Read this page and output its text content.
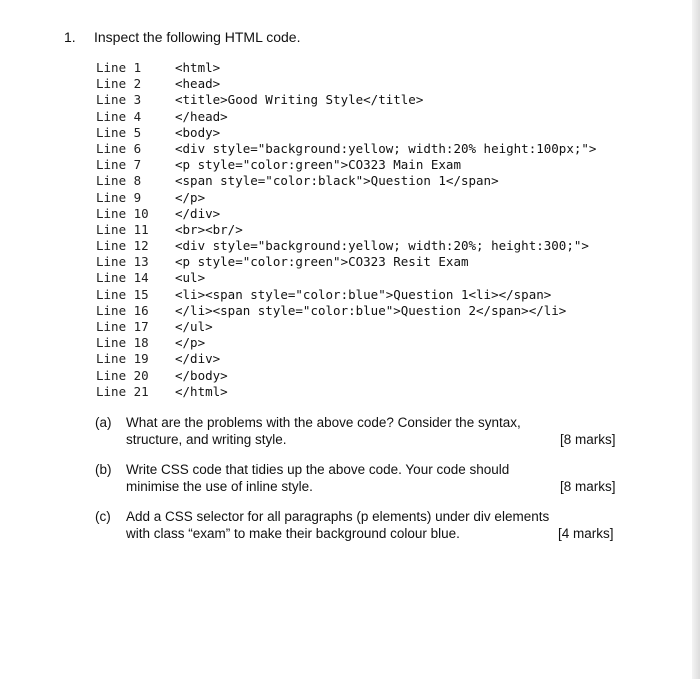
1. Inspect the following HTML code.
Line 1	<html>
Line 2	<head>
Line 3	<title>Good Writing Style</title>
Line 4	</head>
Line 5	<body>
Line 6	<div style="background:yellow; width:20% height:100px;">
Line 7	<p style="color:green">CO323 Main Exam
Line 8	<span style="color:black">Question 1</span>
Line 9	</p>
Line 10 </div>
Line 11 <br><br/>
Line 12 <div style="background:yellow; width:20%; height:300;">
Line 13 <p style="color:green">CO323 Resit Exam
Line 14 <ul>
Line 15 <li><span style="color:blue">Question 1<li></span>
Line 16 </li><span style="color:blue">Question 2</span></li>
Line 17 </ul>
Line 18 </p>
Line 19 </div>
Line 20 </body>
Line 21 </html>
(a) What are the problems with the above code? Consider the syntax, structure, and writing style.	[8 marks]
(b) Write CSS code that tidies up the above code. Your code should minimise the use of inline style.	[8 marks]
(c) Add a CSS selector for all paragraphs (p elements) under div elements with class “exam” to make their background colour blue.	[4 marks]
